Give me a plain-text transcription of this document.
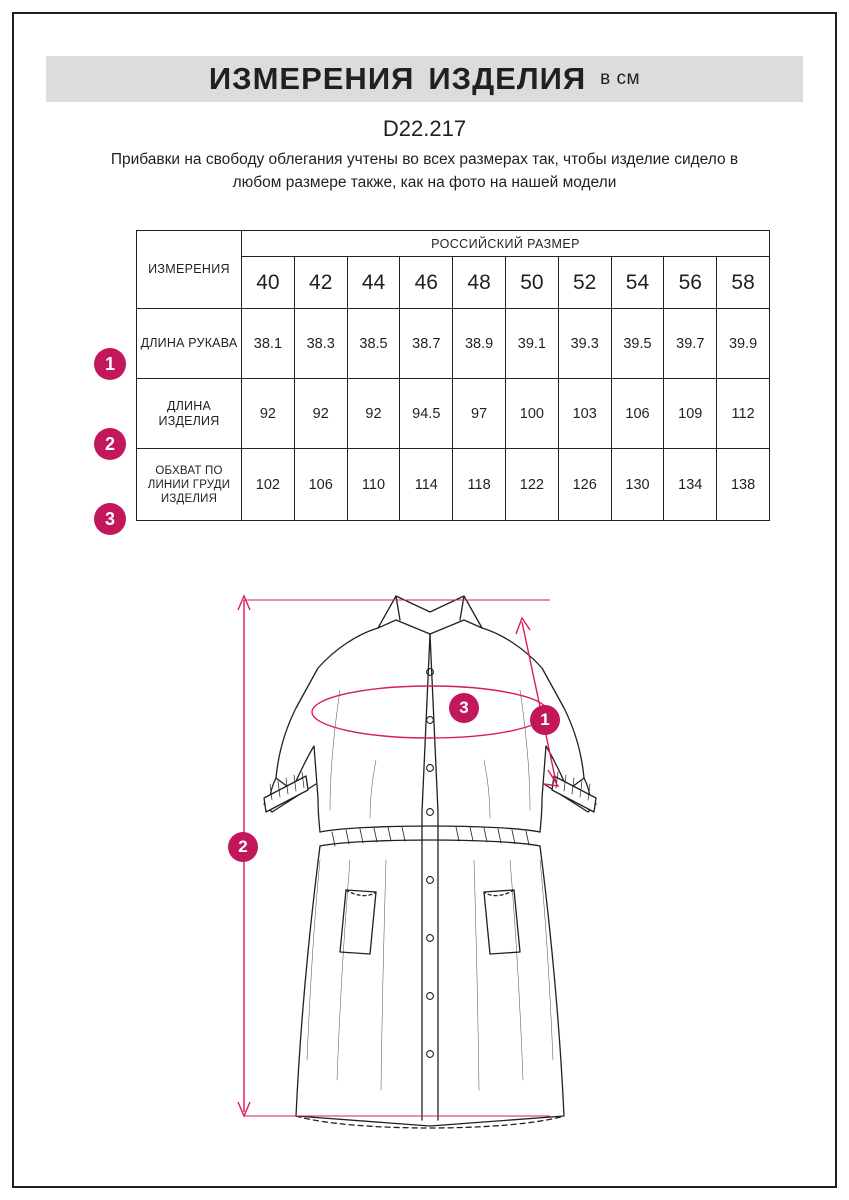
ИЗМЕРЕНИЯ ИЗДЕЛИЯ в см
D22.217
Прибавки на свободу облегания учтены во всех размерах так, чтобы изделие сидело в любом размере также, как на фото на нашей модели
ИЗМЕРЕНИЯ	РОССИЙСКИЙ РАЗМЕР									
	40	42	44	46	48	50	52	54	56	58
ДЛИНА РУКАВА	38.1	38.3	38.5	38.7	38.9	39.1	39.3	39.5	39.7	39.9
ДЛИНА ИЗДЕЛИЯ	92	92	92	94.5	97	100	103	106	109	112
ОБХВАТ ПО ЛИНИИ ГРУДИ ИЗДЕЛИЯ	102	106	110	114	118	122	126	130	134	138
1
2
3
1
2
3
